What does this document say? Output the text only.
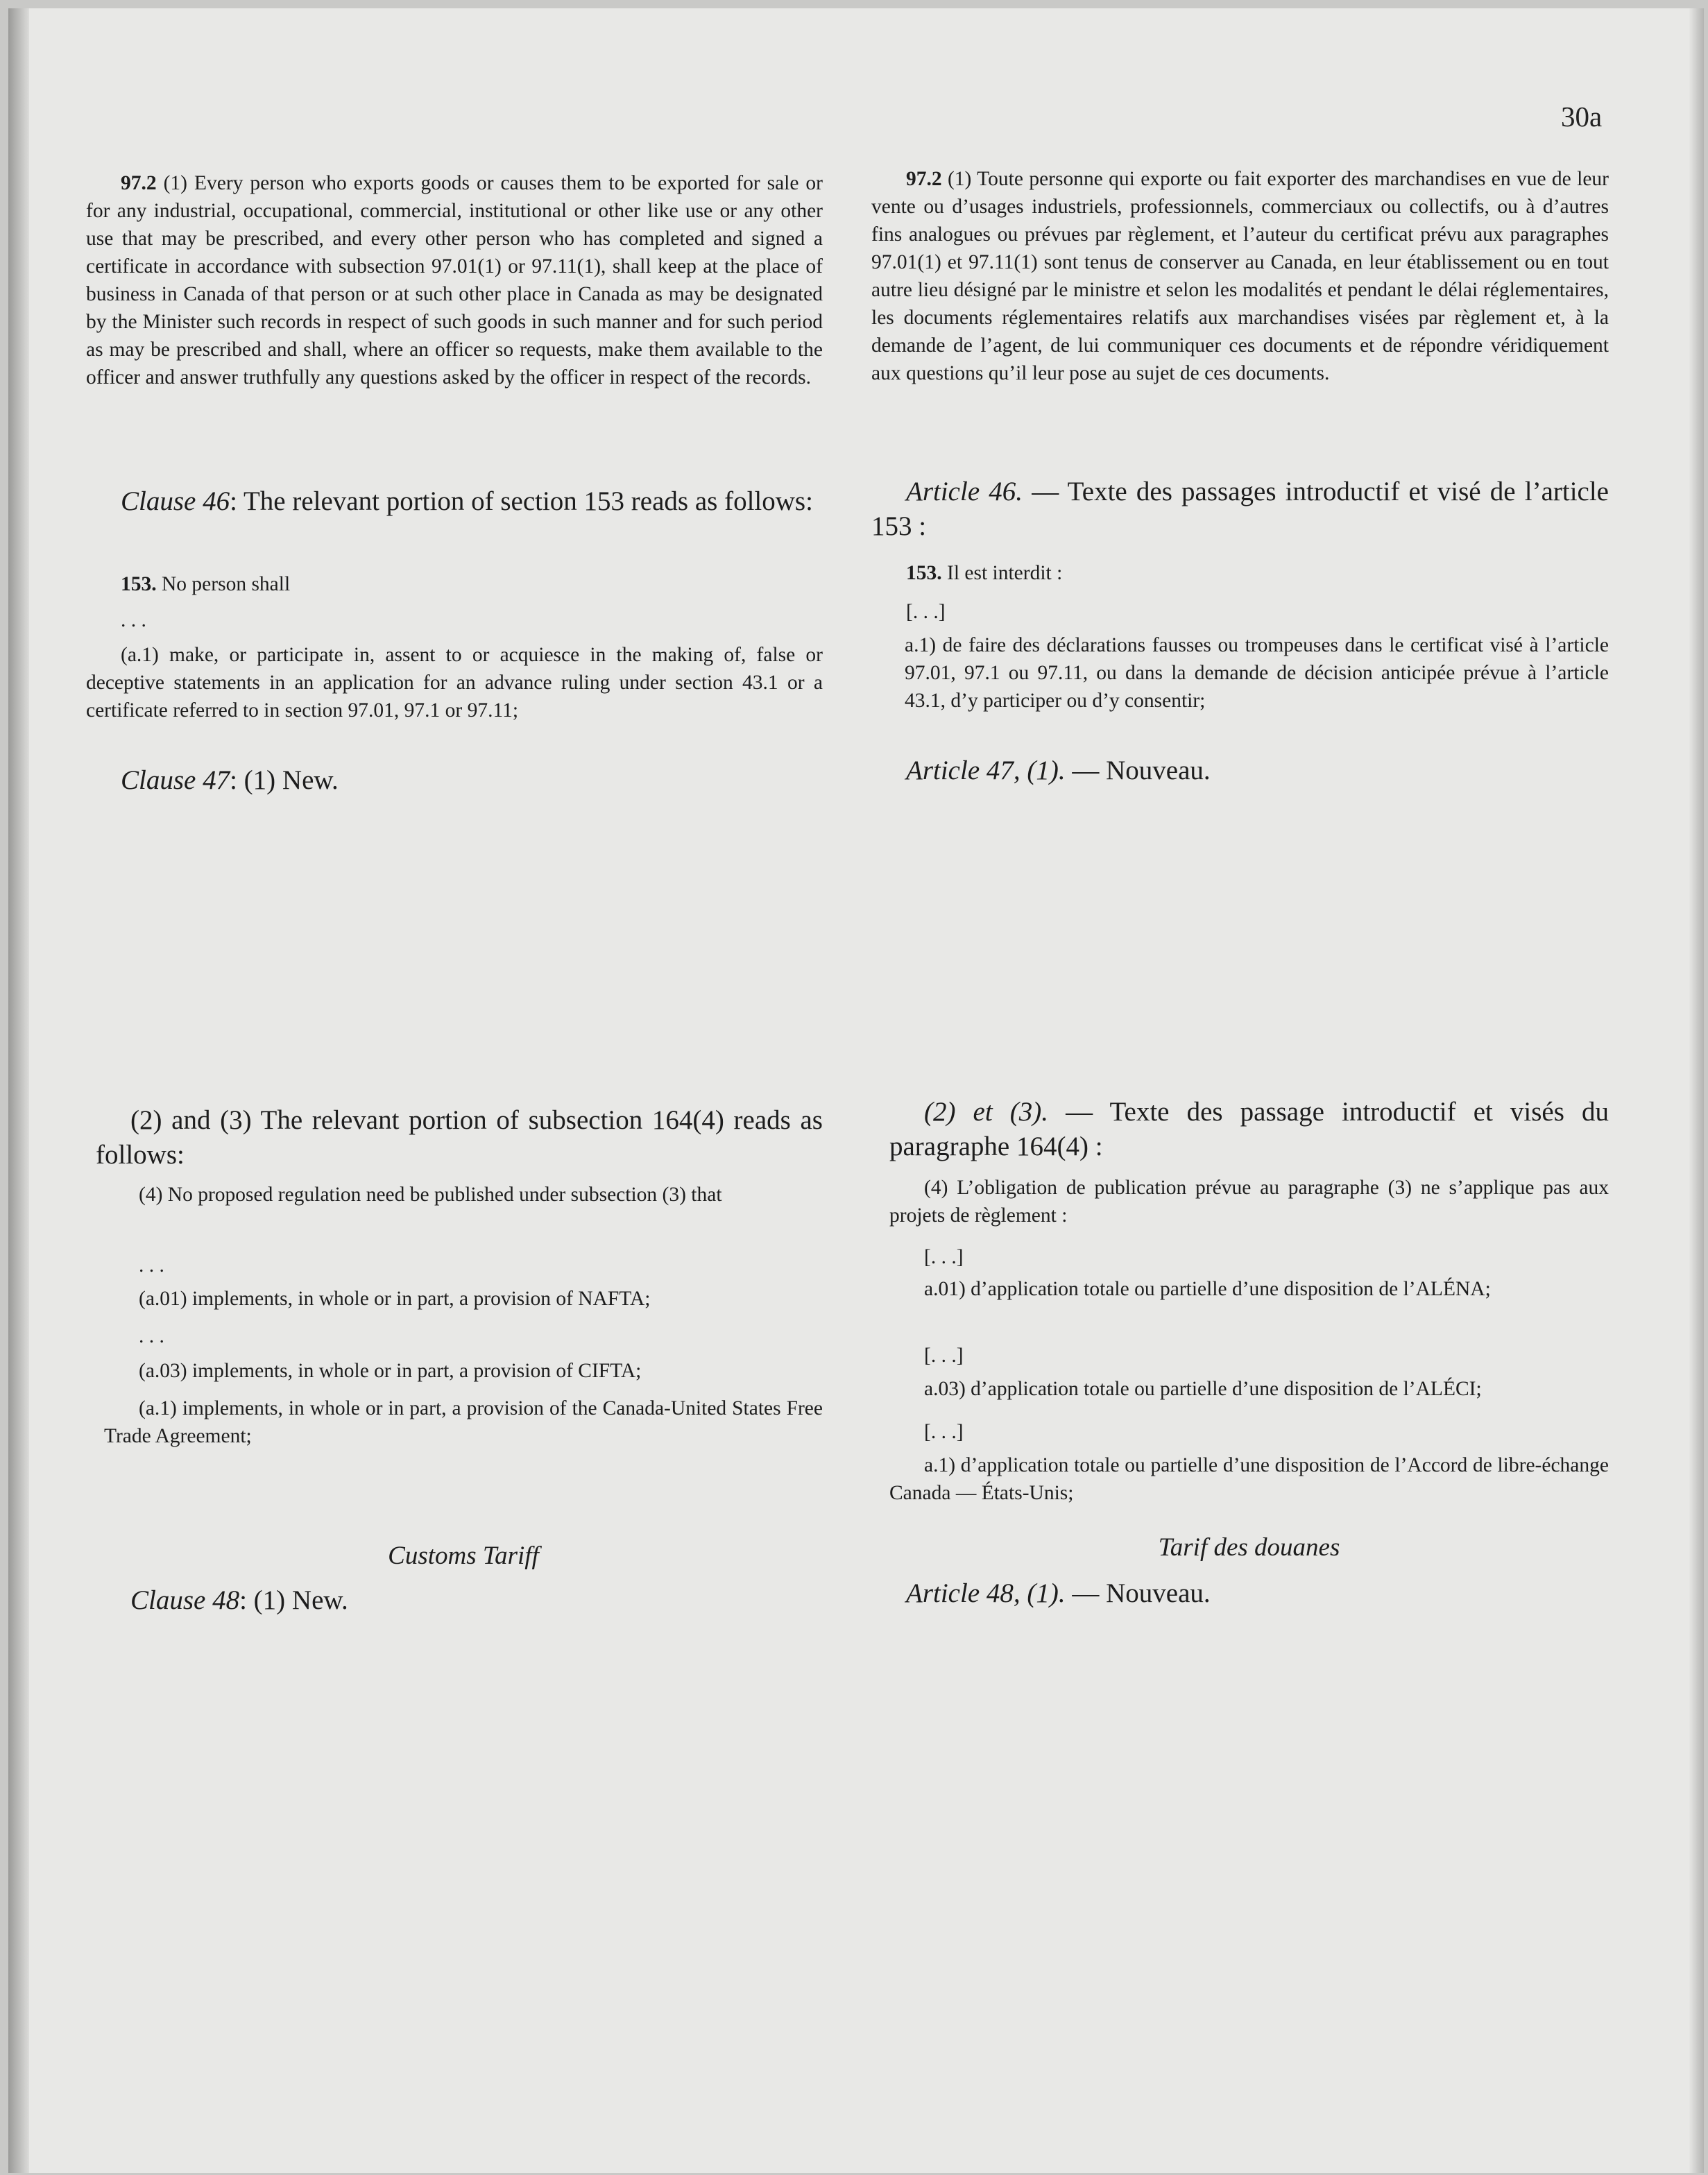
30a

97.2 (1) Every person who exports goods or causes them to be exported for sale or for any industrial, occupational, commercial, institutional or other like use or any other use that may be prescribed, and every other person who has completed and signed a certificate in accordance with subsection 97.01(1) or 97.11(1), shall keep at the place of business in Canada of that person or at such other place in Canada as may be designated by the Minister such records in respect of such goods in such manner and for such period as may be prescribed and shall, where an officer so requests, make them available to the officer and answer truthfully any questions asked by the officer in respect of the records.

Clause 46: The relevant portion of section 153 reads as follows:

153. No person shall

. . .

(a.1) make, or participate in, assent to or acquiesce in the making of, false or deceptive statements in an application for an advance ruling under section 43.1 or a certificate referred to in section 97.01, 97.1 or 97.11;

Clause 47: (1) New.

(2) and (3) The relevant portion of subsection 164(4) reads as follows:

(4) No proposed regulation need be published under subsection (3) that

. . .

(a.01) implements, in whole or in part, a provision of NAFTA;

. . .

(a.03) implements, in whole or in part, a provision of CIFTA;

(a.1) implements, in whole or in part, a provision of the Canada-United States Free Trade Agreement;

Customs Tariff

Clause 48: (1) New.

97.2 (1) Toute personne qui exporte ou fait exporter des marchandises en vue de leur vente ou d’usages industriels, professionnels, commerciaux ou collectifs, ou à d’autres fins analogues ou prévues par règlement, et l’auteur du certificat prévu aux paragraphes 97.01(1) et 97.11(1) sont tenus de conserver au Canada, en leur établissement ou en tout autre lieu désigné par le ministre et selon les modalités et pendant le délai réglementaires, les documents réglementaires relatifs aux marchandises visées par règlement et, à la demande de l’agent, de lui communiquer ces documents et de répondre véridiquement aux questions qu’il leur pose au sujet de ces documents.

Article 46. — Texte des passages introductif et visé de l’article 153 :

153. Il est interdit :

[. . .]

a.1) de faire des déclarations fausses ou trompeuses dans le certificat visé à l’article 97.01, 97.1 ou 97.11, ou dans la demande de décision anticipée prévue à l’article 43.1, d’y participer ou d’y consentir;

Article 47, (1). — Nouveau.

(2) et (3). — Texte des passage introductif et visés du paragraphe 164(4) :

(4) L’obligation de publication prévue au paragraphe (3) ne s’applique pas aux projets de règlement :

[. . .]

a.01) d’application totale ou partielle d’une disposition de l’ALÉNA;

[. . .]

a.03) d’application totale ou partielle d’une disposition de l’ALÉCI;

[. . .]

a.1) d’application totale ou partielle d’une disposition de l’Accord de libre-échange Canada — États-Unis;

Tarif des douanes

Article 48, (1). — Nouveau.
